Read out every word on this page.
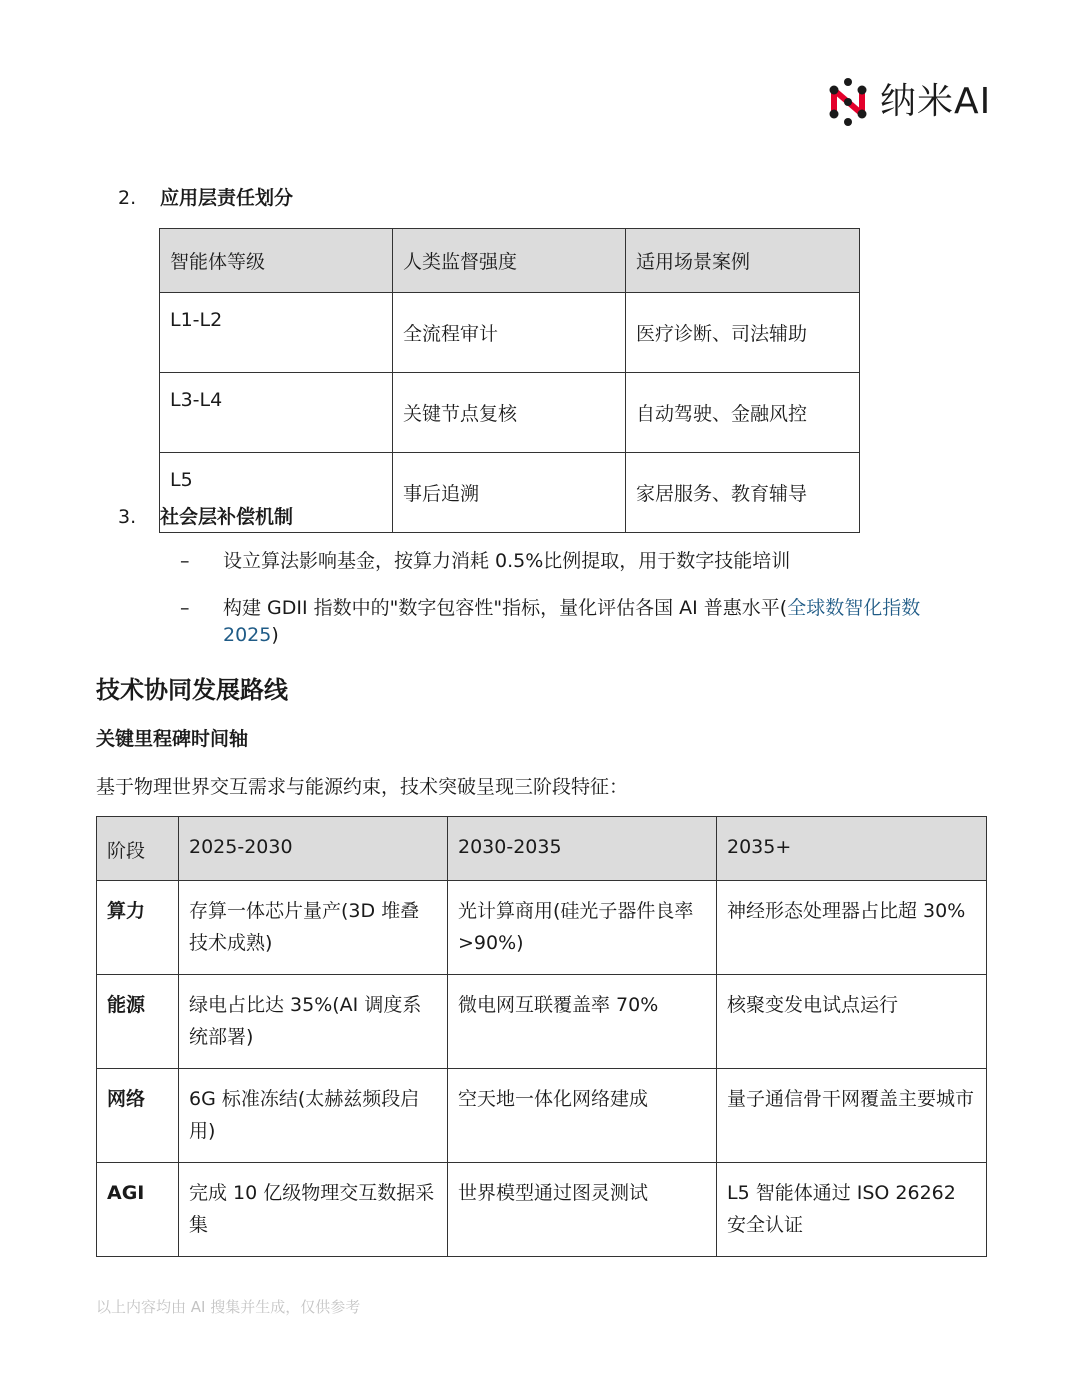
纳米AI
2. 应用层责任划分
智能体等级	人类监督强度	适用场景案例
L1-L2	全流程审计	医疗诊断、司法辅助
L3-L4	关键节点复核	自动驾驶、金融风控
L5	事后追溯	家居服务、教育辅导
3. 社会层补偿机制
– 设立算法影响基金，按算力消耗 0.5%比例提取，用于数字技能培训
– 构建 GDII 指数中的"数字包容性"指标，量化评估各国 AI 普惠水平(全球数智化指数 2025)
技术协同发展路线
关键里程碑时间轴
基于物理世界交互需求与能源约束，技术突破呈现三阶段特征：
阶段	2025-2030	2030-2035	2035+
算力	存算一体芯片量产(3D 堆叠技术成熟)	光计算商用(硅光子器件良率>90%)	神经形态处理器占比超 30%
能源	绿电占比达 35%(AI 调度系统部署)	微电网互联覆盖率 70%	核聚变发电试点运行
网络	6G 标准冻结(太赫兹频段启用)	空天地一体化网络建成	量子通信骨干网覆盖主要城市
AGI	完成 10 亿级物理交互数据采集	世界模型通过图灵测试	L5 智能体通过 ISO 26262 安全认证
以上内容均由 AI 搜集并生成，仅供参考
